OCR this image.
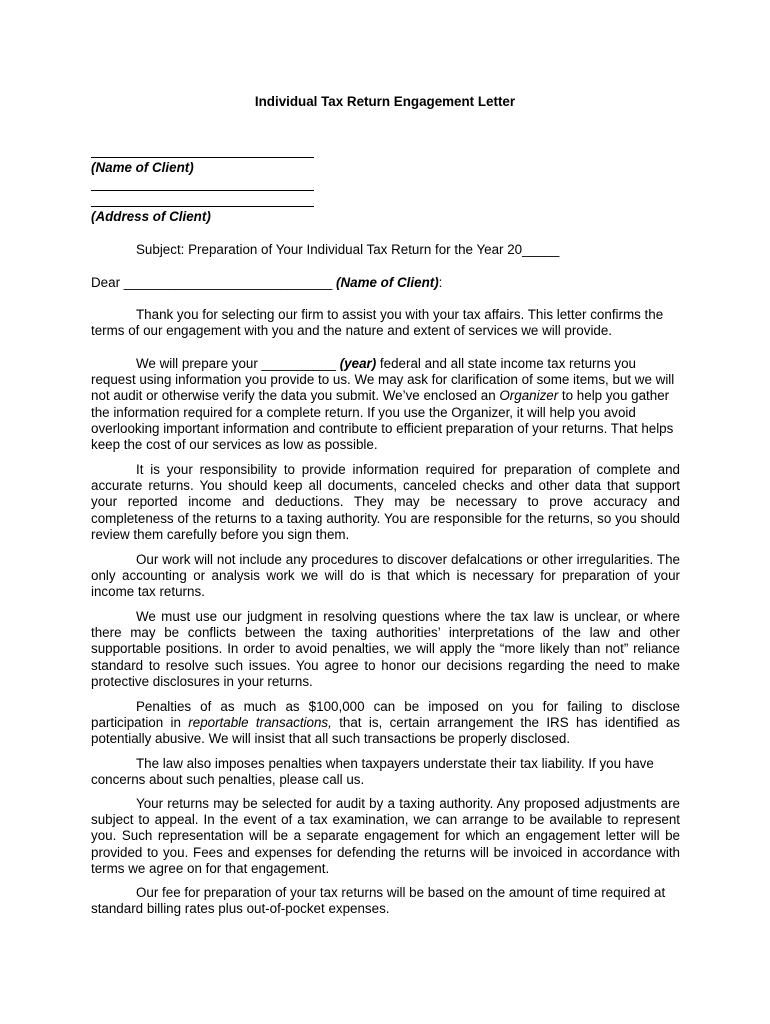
Individual Tax Return Engagement Letter
(Name of Client)
(Address of Client)
Subject: Preparation of Your Individual Tax Return for the Year 20_____
Dear ____________________________ (Name of Client):

Thank you for selecting our firm to assist you with your tax affairs. This letter confirms the terms of our engagement with you and the nature and extent of services we will provide.

We will prepare your __________ (year) federal and all state income tax returns you request using information you provide to us. We may ask for clarification of some items, but we will not audit or otherwise verify the data you submit. We’ve enclosed an Organizer to help you gather the information required for a complete return. If you use the Organizer, it will help you avoid overlooking important information and contribute to efficient preparation of your returns. That helps keep the cost of our services as low as possible.

It is your responsibility to provide information required for preparation of complete and accurate returns. You should keep all documents, canceled checks and other data that support your reported income and deductions. They may be necessary to prove accuracy and completeness of the returns to a taxing authority. You are responsible for the returns, so you should review them carefully before you sign them.

Our work will not include any procedures to discover defalcations or other irregularities. The only accounting or analysis work we will do is that which is necessary for preparation of your income tax returns.

We must use our judgment in resolving questions where the tax law is unclear, or where there may be conflicts between the taxing authorities’ interpretations of the law and other supportable positions. In order to avoid penalties, we will apply the “more likely than not” reliance standard to resolve such issues. You agree to honor our decisions regarding the need to make protective disclosures in your returns.

Penalties of as much as $100,000 can be imposed on you for failing to disclose participation in reportable transactions, that is, certain arrangement the IRS has identified as potentially abusive. We will insist that all such transactions be properly disclosed.

The law also imposes penalties when taxpayers understate their tax liability. If you have concerns about such penalties, please call us.

Your returns may be selected for audit by a taxing authority. Any proposed adjustments are subject to appeal. In the event of a tax examination, we can arrange to be available to represent you. Such representation will be a separate engagement for which an engagement letter will be provided to you. Fees and expenses for defending the returns will be invoiced in accordance with terms we agree on for that engagement.

Our fee for preparation of your tax returns will be based on the amount of time required at standard billing rates plus out-of-pocket expenses.
